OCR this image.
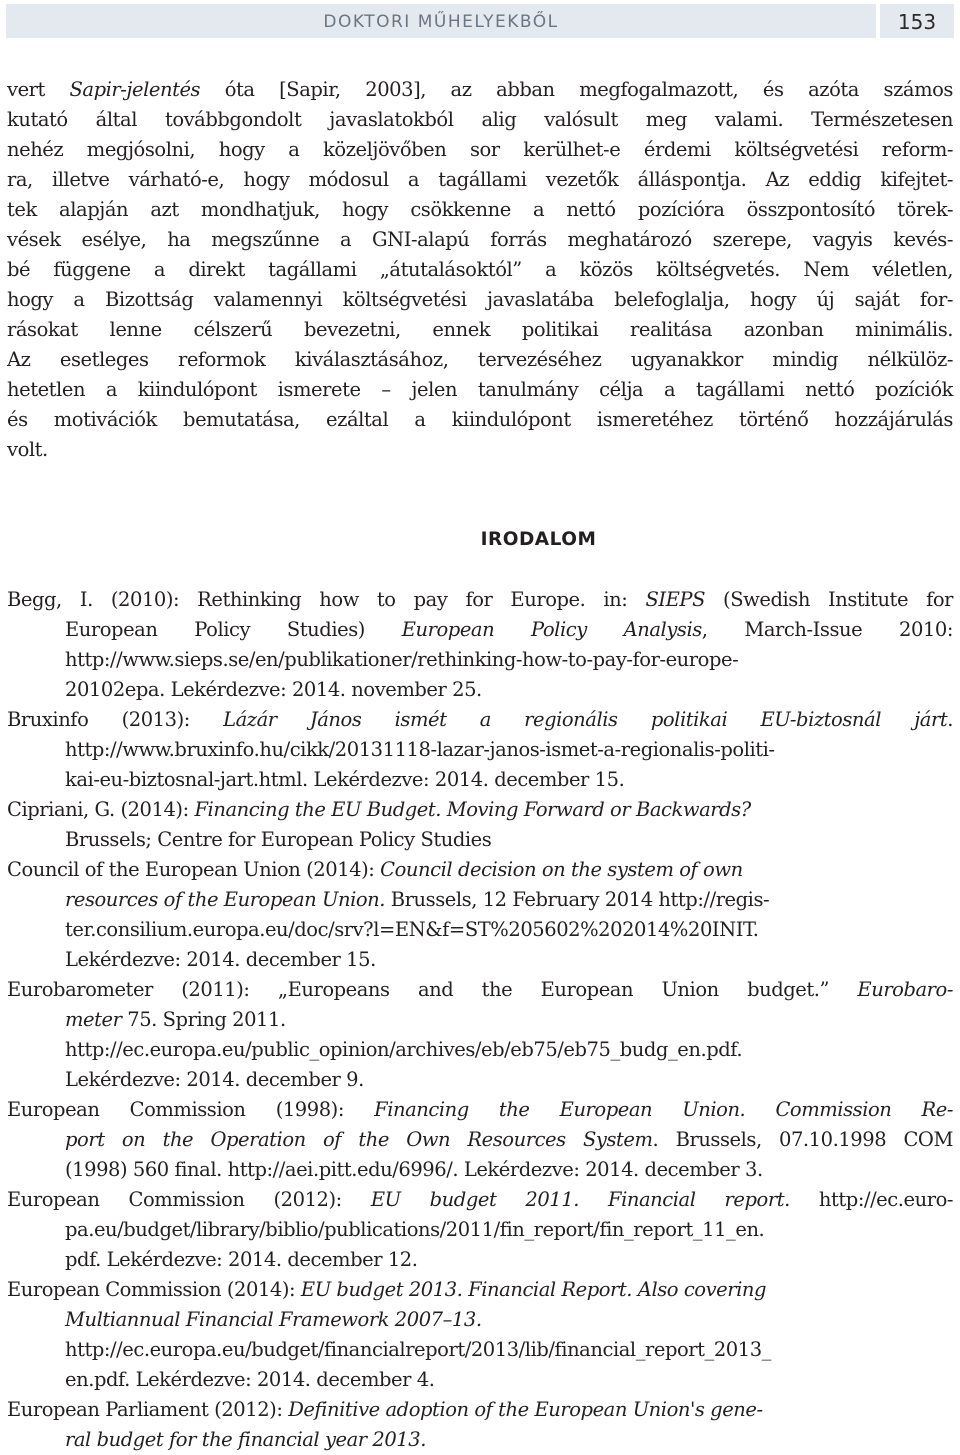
DOKTORI MŰHELYEKBŐL	153
vert Sapir-jelentés óta [Sapir, 2003], az abban megfogalmazott, és azóta számos
kutató által továbbgondolt javaslatokból alig valósult meg valami. Természetesen
nehéz megjósolni, hogy a közeljövőben sor kerülhet-e érdemi költségvetési reform-
ra, illetve várható-e, hogy módosul a tagállami vezetők álláspontja. Az eddig kifejtet-
tek alapján azt mondhatjuk, hogy csökkenne a nettó pozícióra összpontosító törek-
vések esélye, ha megszűnne a GNI-alapú forrás meghatározó szerepe, vagyis kevés-
bé függene a direkt tagállami „átutalásoktól” a közös költségvetés. Nem véletlen,
hogy a Bizottság valamennyi költségvetési javaslatába belefoglalja, hogy új saját for-
rásokat lenne célszerű bevezetni, ennek politikai realitása azonban minimális.
Az esetleges reformok kiválasztásához, tervezéséhez ugyanakkor mindig nélkülöz-
hetetlen a kiindulópont ismerete – jelen tanulmány célja a tagállami nettó pozíciók
és motivációk bemutatása, ezáltal a kiindulópont ismeretéhez történő hozzájárulás
volt.
IRODALOM
Begg, I. (2010): Rethinking how to pay for Europe. in: SIEPS (Swedish Institute for
European Policy Studies) European Policy Analysis, March-Issue 2010:
http://www.sieps.se/en/publikationer/rethinking-how-to-pay-for-europe-
20102epa. Lekérdezve: 2014. november 25.
Bruxinfo (2013): Lázár János ismét a regionális politikai EU-biztosnál járt.
http://www.bruxinfo.hu/cikk/20131118-lazar-janos-ismet-a-regionalis-politi-
kai-eu-biztosnal-jart.html. Lekérdezve: 2014. december 15.
Cipriani, G. (2014): Financing the EU Budget. Moving Forward or Backwards?
Brussels; Centre for European Policy Studies
Council of the European Union (2014): Council decision on the system of own
resources of the European Union. Brussels, 12 February 2014 http://regis-
ter.consilium.europa.eu/doc/srv?l=EN&f=ST%205602%202014%20INIT.
Lekérdezve: 2014. december 15.
Eurobarometer (2011): „Europeans and the European Union budget.” Eurobaro-
meter 75. Spring 2011.
http://ec.europa.eu/public_opinion/archives/eb/eb75/eb75_budg_en.pdf.
Lekérdezve: 2014. december 9.
European Commission (1998): Financing the European Union. Commission Re-
port on the Operation of the Own Resources System. Brussels, 07.10.1998 COM
(1998) 560 final. http://aei.pitt.edu/6996/. Lekérdezve: 2014. december 3.
European Commission (2012): EU budget 2011. Financial report. http://ec.euro-
pa.eu/budget/library/biblio/publications/2011/fin_report/fin_report_11_en.
pdf. Lekérdezve: 2014. december 12.
European Commission (2014): EU budget 2013. Financial Report. Also covering
Multiannual Financial Framework 2007–13.
http://ec.europa.eu/budget/financialreport/2013/lib/financial_report_2013_
en.pdf. Lekérdezve: 2014. december 4.
European Parliament (2012): Definitive adoption of the European Union's gene-
ral budget for the financial year 2013.
